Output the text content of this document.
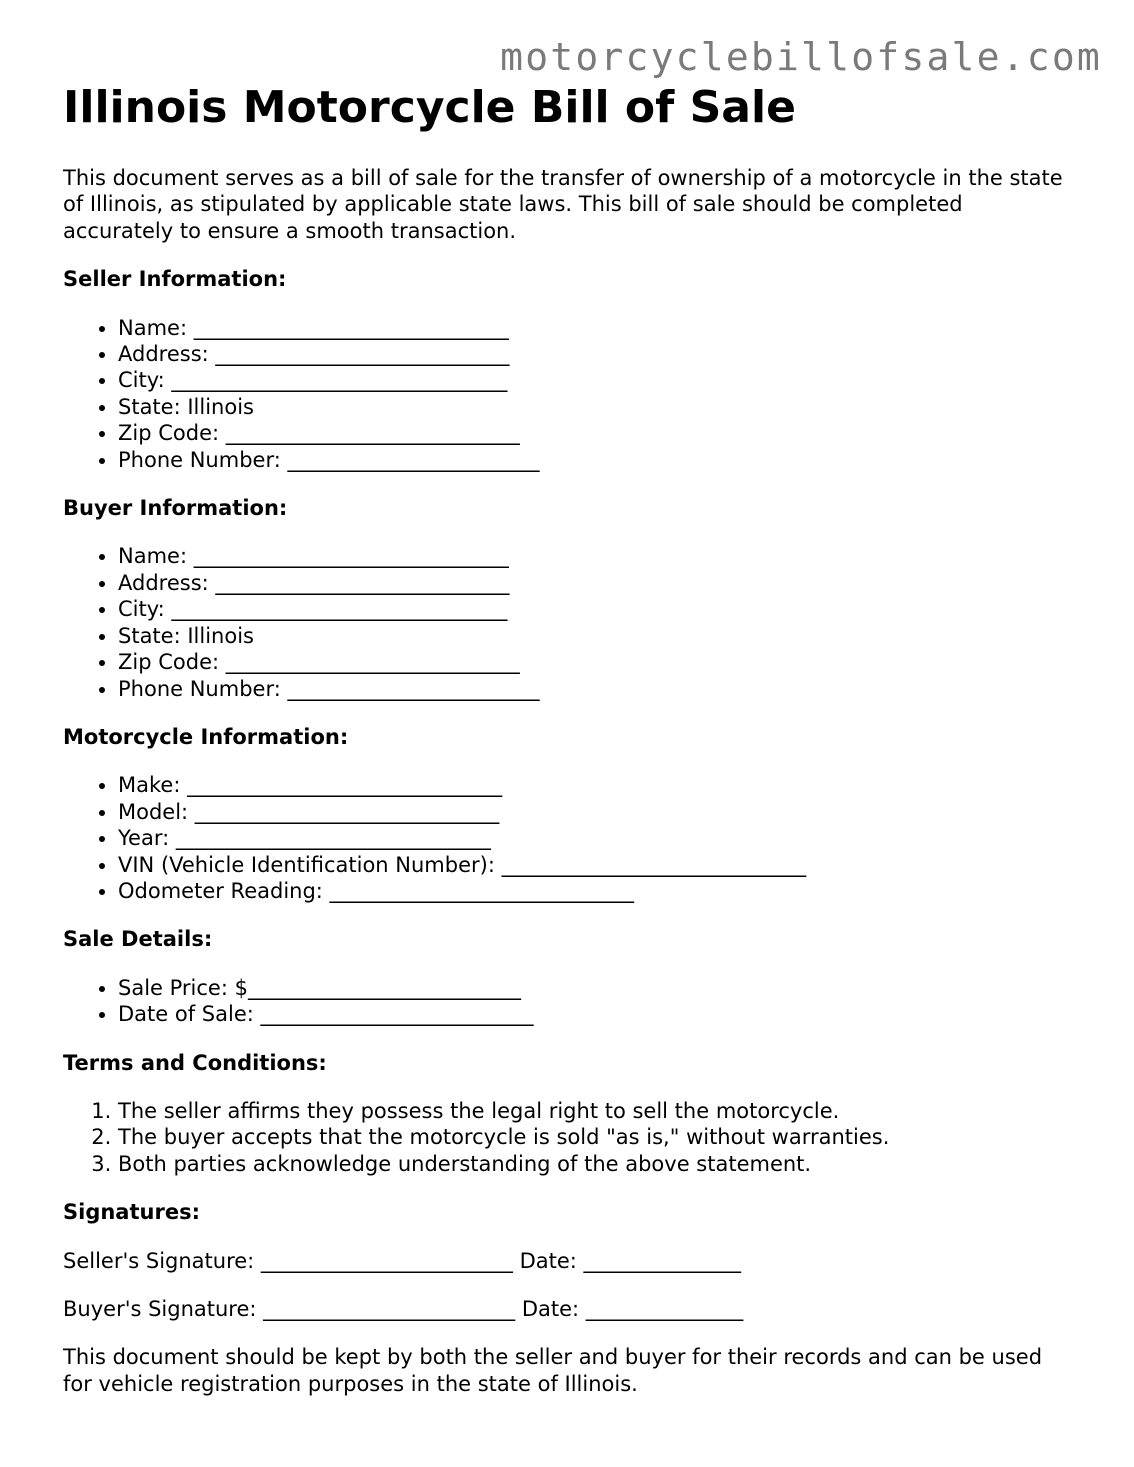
motorcyclebillofsale.com
Illinois Motorcycle Bill of Sale

This document serves as a bill of sale for the transfer of ownership of a motorcycle in the state of Illinois, as stipulated by applicable state laws. This bill of sale should be completed accurately to ensure a smooth transaction.

Seller Information:
• Name: ______________________________
• Address: ____________________________
• City: ________________________________
• State: Illinois
• Zip Code: ____________________________
• Phone Number: ________________________
Buyer Information:
• Name: ______________________________
• Address: ____________________________
• City: ________________________________
• State: Illinois
• Zip Code: ____________________________
• Phone Number: ________________________
Motorcycle Information:
• Make: ______________________________
• Model: _____________________________
• Year: ______________________________
• VIN (Vehicle Identification Number): _____________________________
• Odometer Reading: _____________________________
Sale Details:
• Sale Price: $__________________________
• Date of Sale: __________________________
Terms and Conditions:
1. The seller affirms they possess the legal right to sell the motorcycle.
2. The buyer accepts that the motorcycle is sold "as is," without warranties.
3. Both parties acknowledge understanding of the above statement.
Signatures:
Seller's Signature: ________________________ Date: _______________
Buyer's Signature: ________________________ Date: _______________

This document should be kept by both the seller and buyer for their records and can be used for vehicle registration purposes in the state of Illinois.
